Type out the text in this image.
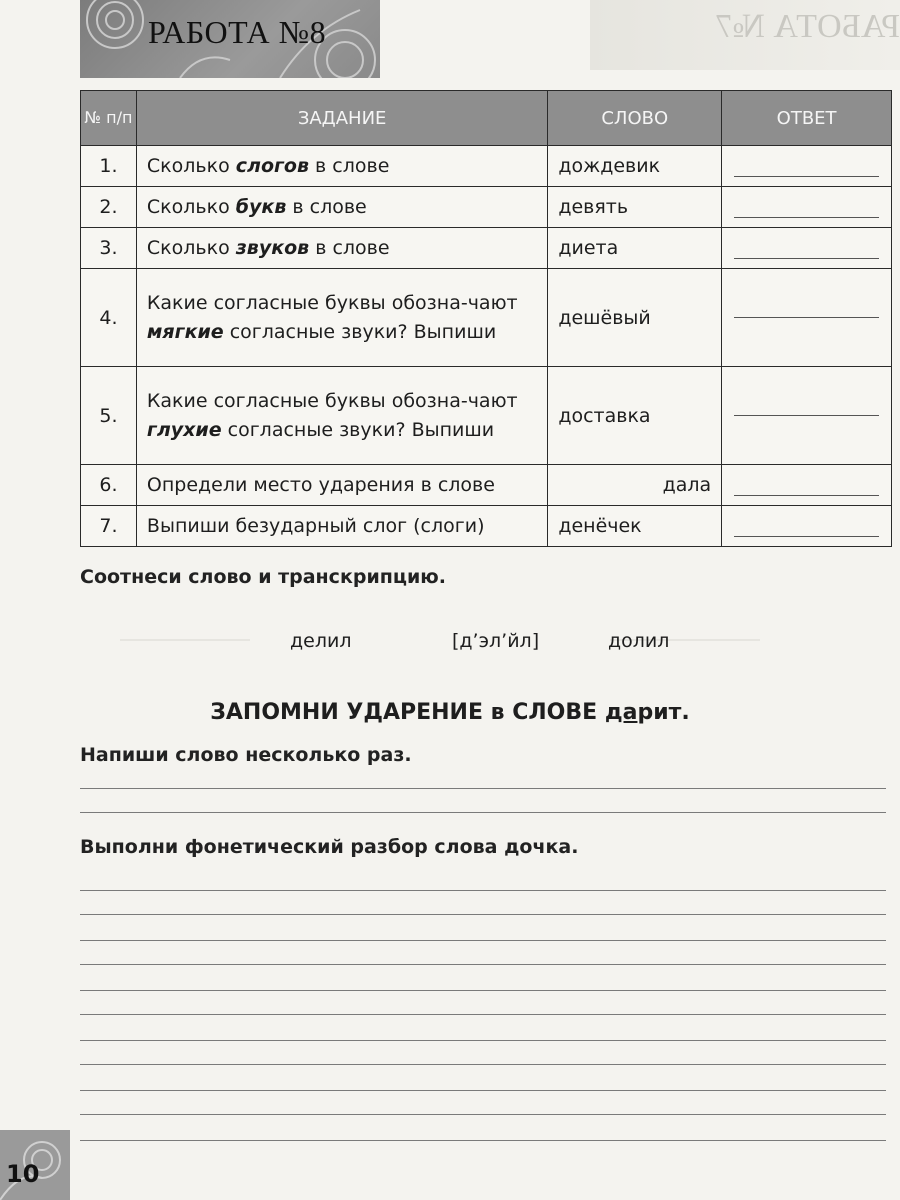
РАБОТА №7
РАБОТА №8
№ п/п	ЗАДАНИЕ	СЛОВО	ОТВЕТ
1.	Сколько слогов в слове	дождевик	

2.	Сколько букв в слове	девять	

3.	Сколько звуков в слове	диета	

4.	Какие согласные буквы обозна-чают мягкие согласные звуки? Выпиши	дешёвый	

5.	Какие согласные буквы обозна-чают глухие согласные звуки? Выпиши	доставка	

6.	Определи место ударения в слове	дала	

7.	Выпиши безударный слог (слоги)	денёчек	
Соотнеси слово и транскрипцию.
делил	[д’эл’йл]	долил
ЗАПОМНИ УДАРЕНИЕ в СЛОВЕ дарит.
Напиши слово несколько раз.
Выполни фонетический разбор слова дочка.
10
